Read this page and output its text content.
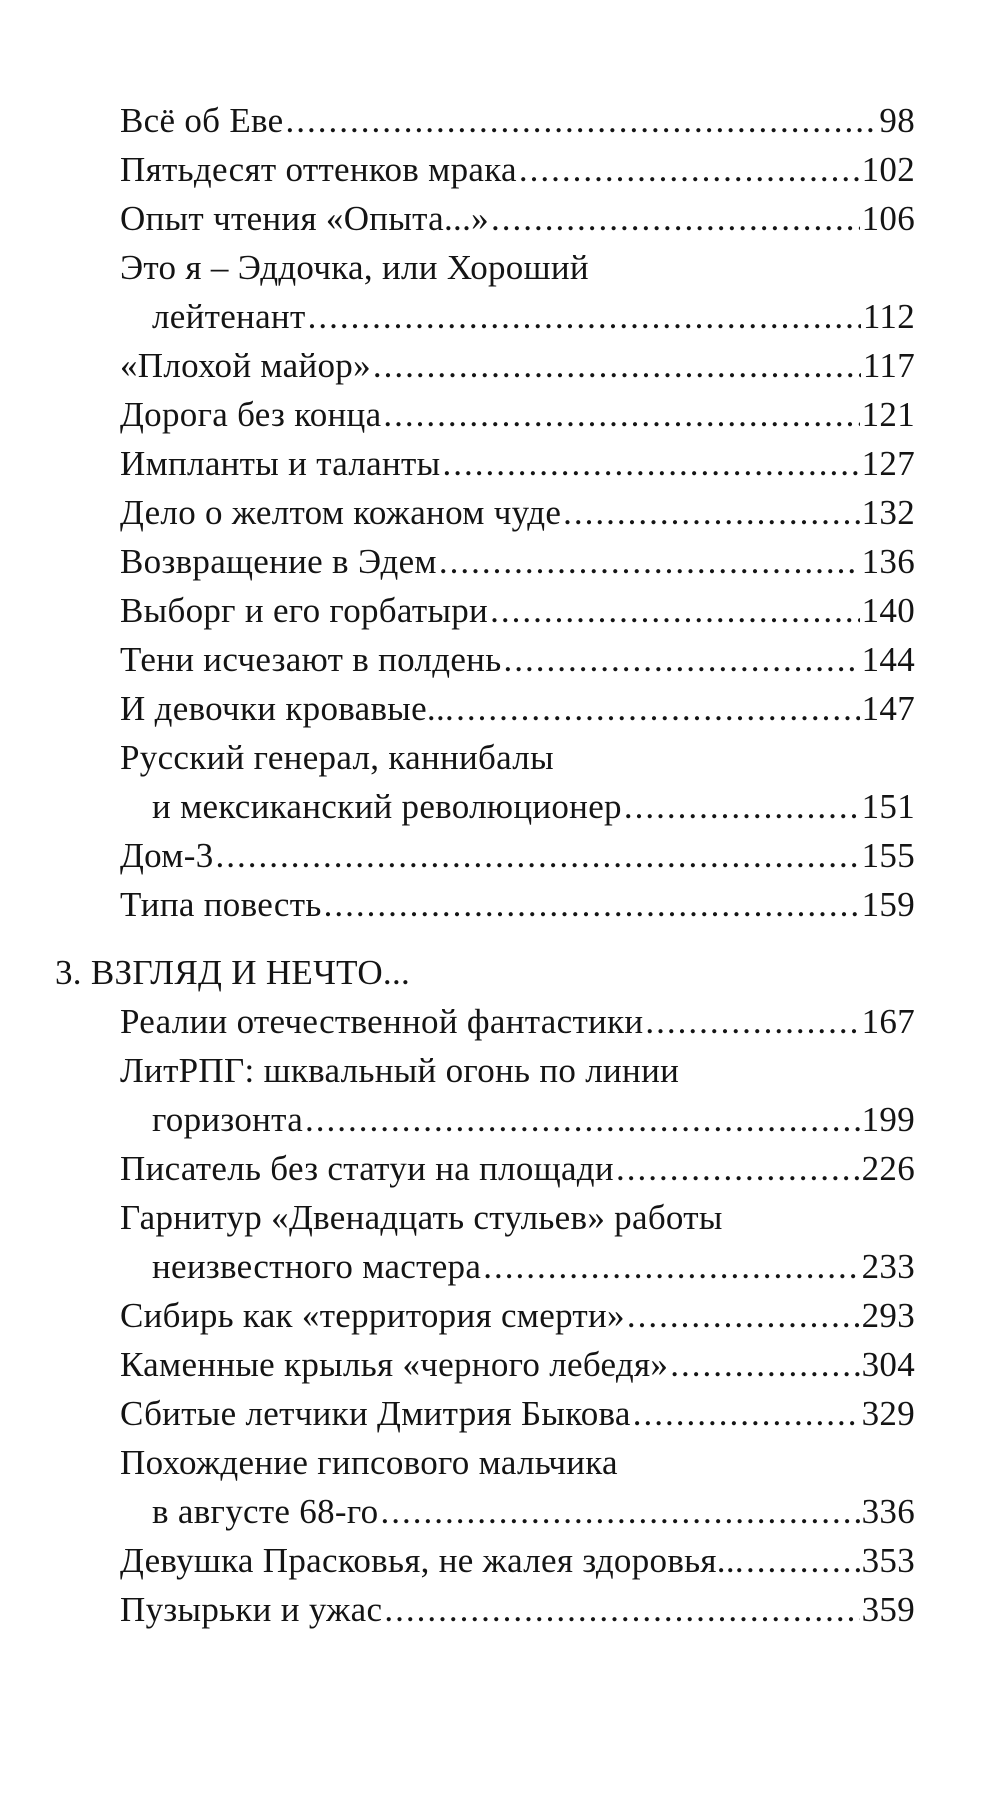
Всё об Еве .....	98
Пятьдесят оттенков мрака .....	102
Опыт чтения «Опыта...» .....	106
Это я – Эддочка, или Хороший
лейтенант .....	112
«Плохой майор» .....	117
Дорога без конца .....	121
Импланты и таланты .....	127
Дело о желтом кожаном чуде .....	132
Возвращение в Эдем .....	136
Выборг и его горбатыри .....	140
Тени исчезают в полдень .....	144
И девочки кровавые... .....	147
Русский генерал, каннибалы
и мексиканский революционер .....	151
Дом-3 .....	155
Типа повесть .....	159
3. ВЗГЛЯД И НЕЧТО...
Реалии отечественной фантастики .....	167
ЛитРПГ: шквальный огонь по линии
горизонта .....	199
Писатель без статуи на площади .....	226
Гарнитур «Двенадцать стульев» работы
неизвестного мастера .....	233
Сибирь как «территория смерти» .....	293
Каменные крылья «черного лебедя» .....	304
Сбитые летчики Дмитрия Быкова .....	329
Похождение гипсового мальчика
в августе 68-го .....	336
Девушка Прасковья, не жалея здоровья... .....	353
Пузырьки и ужас .....	359
